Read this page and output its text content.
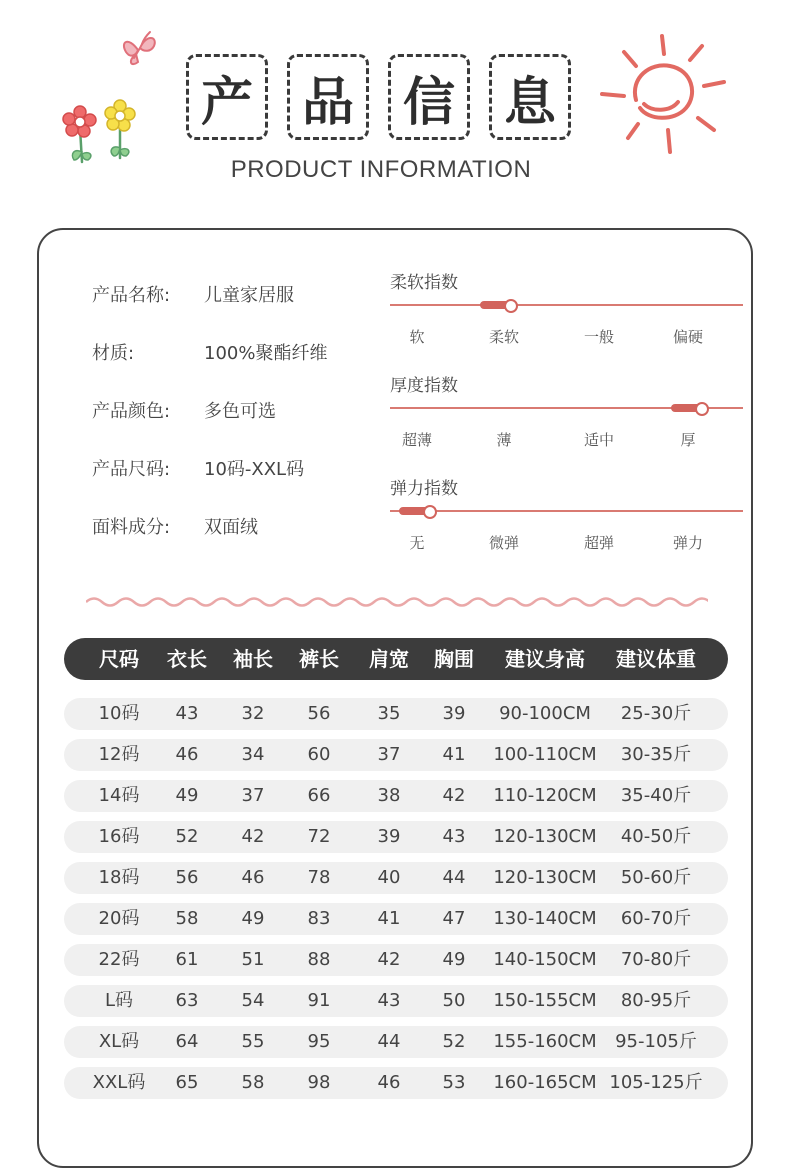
产 品 信 息
PRODUCT INFORMATION
产品名称: 儿童家居服
材质:	100%聚酯纤维
产品颜色: 多色可选
产品尺码: 10码-XXL码
面料成分: 双面绒
柔软指数
软	柔软	一般	偏硬
厚度指数
超薄	薄	适中	厚
弹力指数
无	微弹	超弹	弹力
尺码	衣长	袖长	裤长	肩宽	胸围	建议身高	建议体重
10码	43	32	56	35	39	90-100CM	25-30斤
12码	46	34	60	37	41	100-110CM	30-35斤
14码	49	37	66	38	42	110-120CM	35-40斤
16码	52	42	72	39	43	120-130CM	40-50斤
18码	56	46	78	40	44	120-130CM	50-60斤
20码	58	49	83	41	47	130-140CM	60-70斤
22码	61	51	88	42	49	140-150CM	70-80斤
L码	63	54	91	43	50	150-155CM	80-95斤
XL码	64	55	95	44	52	155-160CM	95-105斤
XXL码	65	58	98	46	53	160-165CM 105-125斤
